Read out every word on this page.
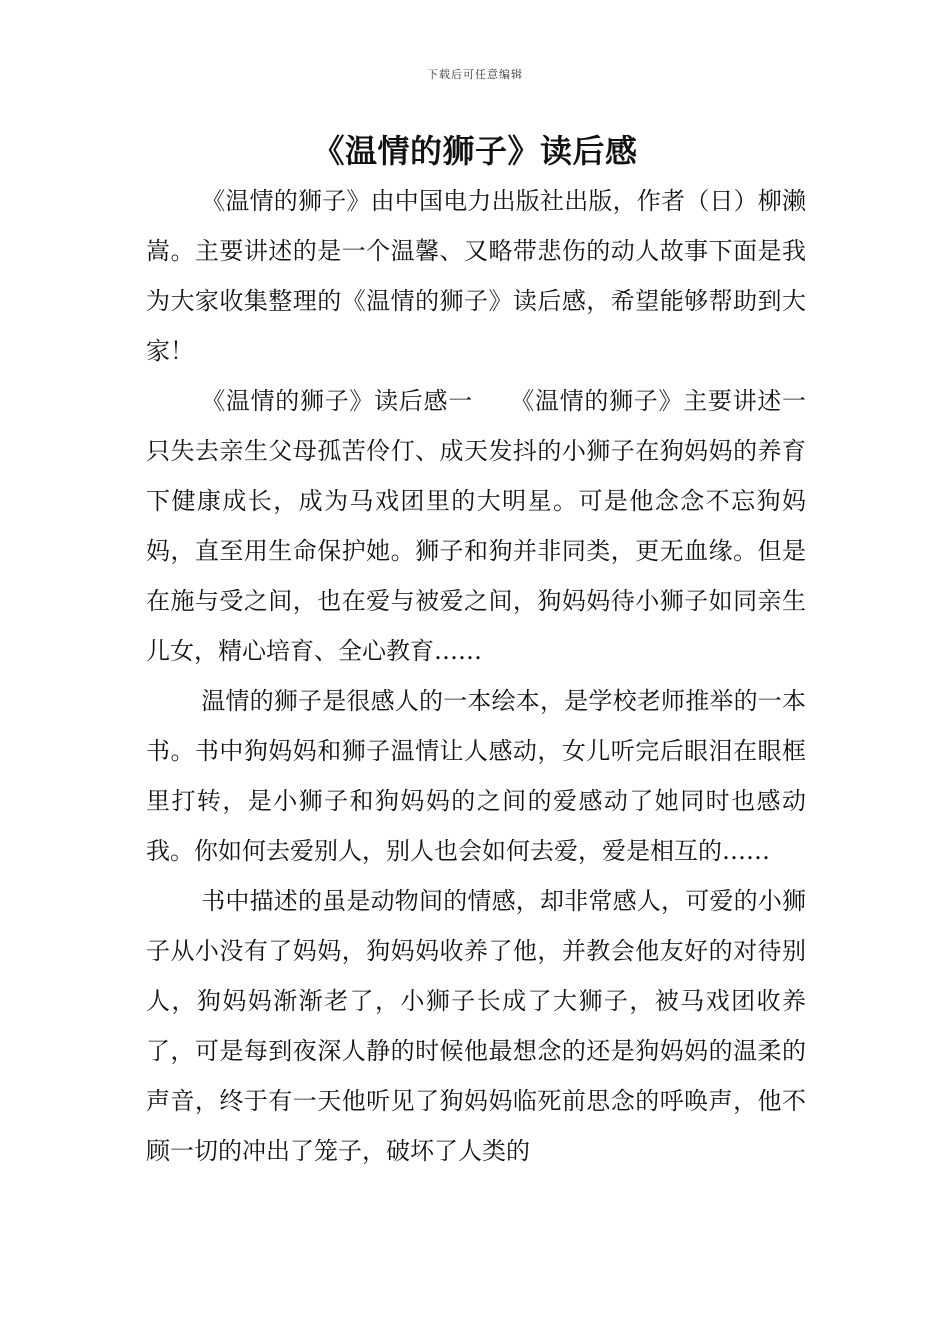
下载后可任意编辑
《温情的狮子》读后感

《温情的狮子》由中国电力出版社出版，作者（日）柳濑嵩。主要讲述的是一个温馨、又略带悲伤的动人故事下面是我为大家收集整理的《温情的狮子》读后感，希望能够帮助到大家！

《温情的狮子》读后感一　　《温情的狮子》主要讲述一只失去亲生父母孤苦伶仃、成天发抖的小狮子在狗妈妈的养育下健康成长，成为马戏团里的大明星。可是他念念不忘狗妈妈，直至用生命保护她。狮子和狗并非同类，更无血缘。但是在施与受之间，也在爱与被爱之间，狗妈妈待小狮子如同亲生儿女，精心培育、全心教育……

温情的狮子是很感人的一本绘本，是学校老师推举的一本书。书中狗妈妈和狮子温情让人感动，女儿听完后眼泪在眼框里打转，是小狮子和狗妈妈的之间的爱感动了她同时也感动我。你如何去爱别人，别人也会如何去爱，爱是相互的……

书中描述的虽是动物间的情感，却非常感人，可爱的小狮子从小没有了妈妈，狗妈妈收养了他，并教会他友好的对待别人，狗妈妈渐渐老了，小狮子长成了大狮子，被马戏团收养了，可是每到夜深人静的时候他最想念的还是狗妈妈的温柔的声音，终于有一天他听见了狗妈妈临死前思念的呼唤声，他不顾一切的冲出了笼子，破坏了人类的
